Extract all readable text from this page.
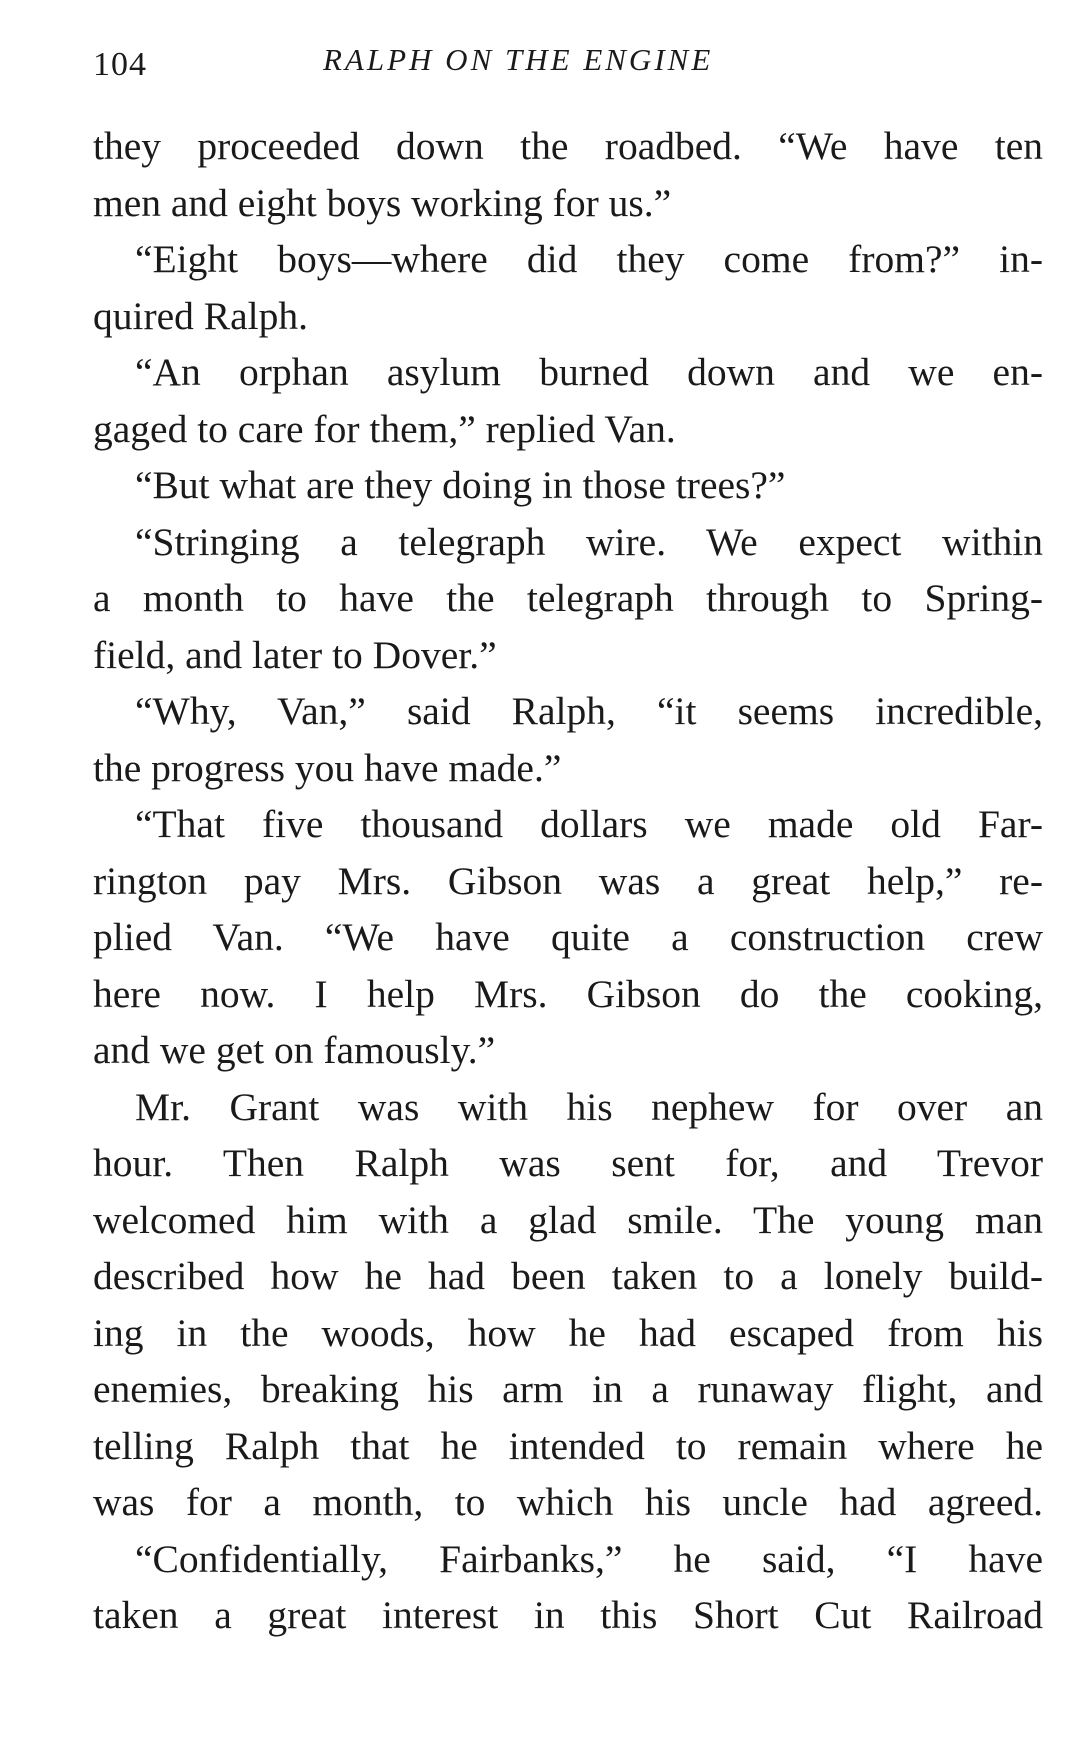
104	RALPH ON THE ENGINE
they proceeded down the roadbed. “We have ten
men and eight boys working for us.”
“Eight boys—where did they come from?” in-
quired Ralph.
“An orphan asylum burned down and we en-
gaged to care for them,” replied Van.
“But what are they doing in those trees?”
“Stringing a telegraph wire. We expect within
a month to have the telegraph through to Spring-
field, and later to Dover.”
“Why, Van,” said Ralph, “it seems incredible,
the progress you have made.”
“That five thousand dollars we made old Far-
rington pay Mrs. Gibson was a great help,” re-
plied Van. “We have quite a construction crew
here now. I help Mrs. Gibson do the cooking,
and we get on famously.”
Mr. Grant was with his nephew for over an
hour. Then Ralph was sent for, and Trevor
welcomed him with a glad smile. The young man
described how he had been taken to a lonely build-
ing in the woods, how he had escaped from his
enemies, breaking his arm in a runaway flight, and
telling Ralph that he intended to remain where he
was for a month, to which his uncle had agreed.
“Confidentially, Fairbanks,” he said, “I have
taken a great interest in this Short Cut Railroad
